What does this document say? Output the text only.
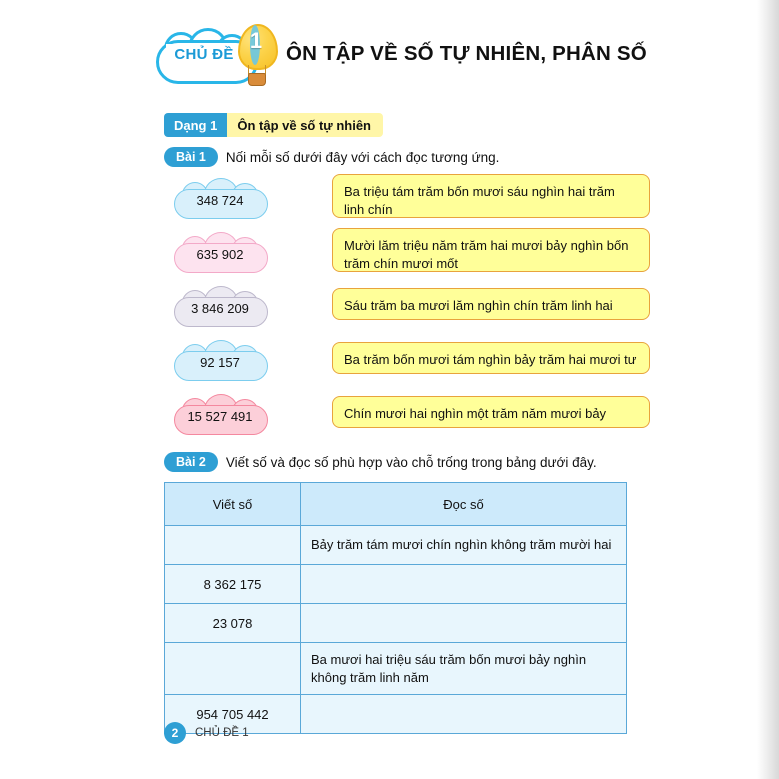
CHỦ ĐỀ
1
ÔN TẬP VỀ SỐ TỰ NHIÊN, PHÂN SỐ
Dạng 1	Ôn tập về số tự nhiên
Bài 1	Nối mỗi số dưới đây với cách đọc tương ứng.
348 724
635 902
3 846 209
92 157
15 527 491
Ba triệu tám trăm bốn mươi sáu nghìn hai trăm linh chín
Mười lăm triệu năm trăm hai mươi bảy nghìn bốn trăm chín mươi mốt
Sáu trăm ba mươi lăm nghìn chín trăm linh hai
Ba trăm bốn mươi tám nghìn bảy trăm hai mươi tư
Chín mươi hai nghìn một trăm năm mươi bảy
Bài 2	Viết số và đọc số phù hợp vào chỗ trống trong bảng dưới đây.
Viết số	Đọc số
	Bảy trăm tám mươi chín nghìn không trăm mười hai
8 362 175	
23 078	
	Ba mươi hai triệu sáu trăm bốn mươi bảy nghìn không trăm linh năm
954 705 442	
2	CHỦ ĐỀ 1
